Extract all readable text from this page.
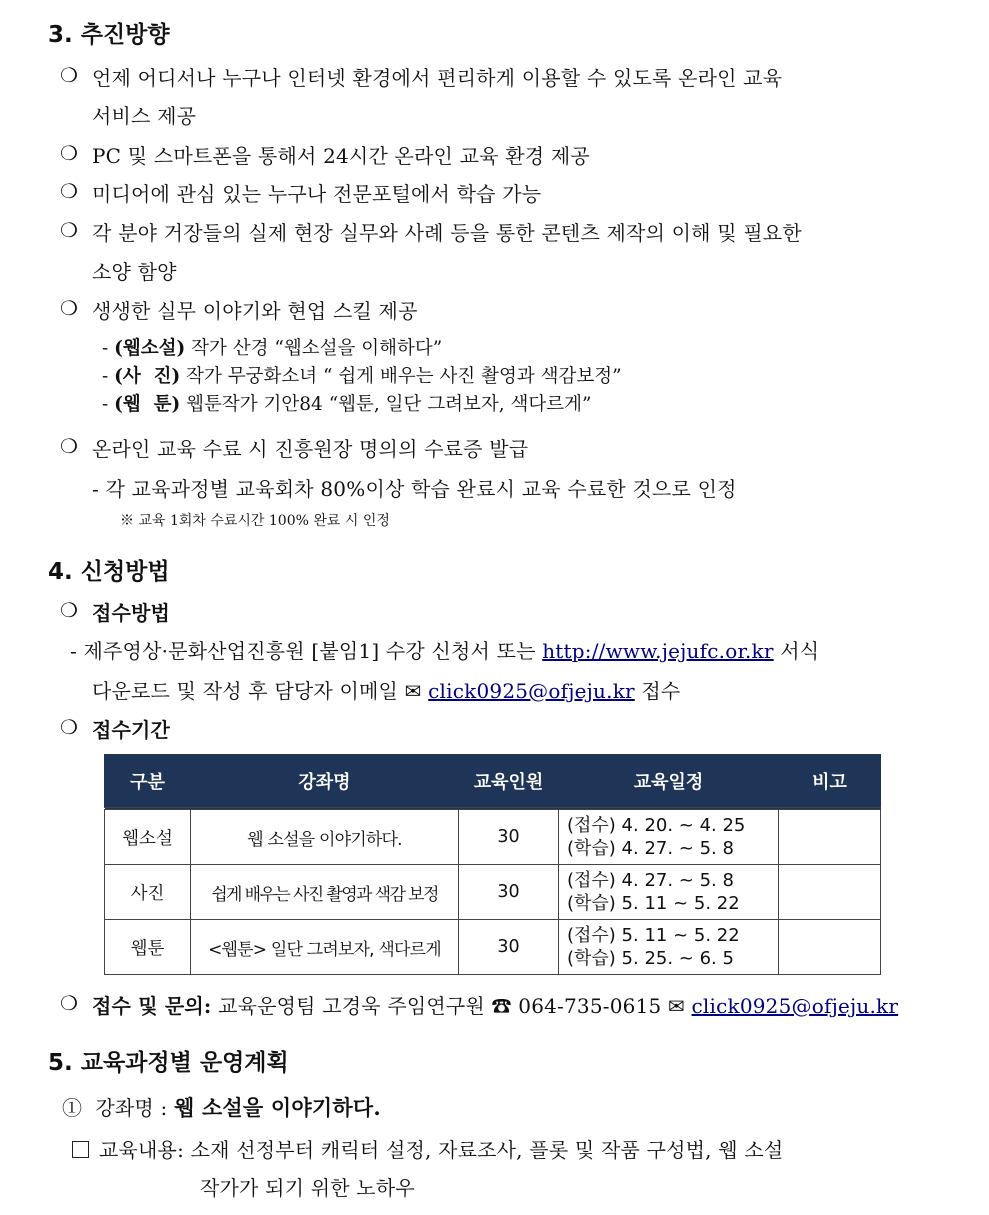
3. 추진방향
❍ 언제 어디서나 누구나 인터넷 환경에서 편리하게 이용할 수 있도록 온라인 교육
서비스 제공
❍ PC 및 스마트폰을 통해서 24시간 온라인 교육 환경 제공
❍ 미디어에 관심 있는 누구나 전문포털에서 학습 가능
❍ 각 분야 거장들의 실제 현장 실무와 사례 등을 통한 콘텐츠 제작의 이해 및 필요한
소양 함양
❍ 생생한 실무 이야기와 현업 스킬 제공
- (웹소설) 작가 산경 “웹소설을 이해하다”
- (사  진) 작가 무궁화소녀 “ 쉽게 배우는 사진 촬영과 색감보정”
- (웹  툰) 웹툰작가 기안84 “웹툰, 일단 그려보자, 색다르게”
❍ 온라인 교육 수료 시 진흥원장 명의의 수료증 발급
- 각 교육과정별 교육회차 80%이상 학습 완료시 교육 수료한 것으로 인정
※ 교육 1회차 수료시간 100% 완료 시 인정
4. 신청방법
❍ 접수방법
- 제주영상·문화산업진흥원 [붙임1] 수강 신청서 또는 http://www.jejufc.or.kr 서식
다운로드 및 작성 후 담당자 이메일 ✉ click0925@ofjeju.kr 접수
❍ 접수기간
구분	강좌명	교육인원	교육일정	비고
웹소설	웹 소설을 이야기하다.	30	(접수) 4. 20. ~ 4. 25
(학습) 4. 27. ~ 5. 8	

사진	쉽게 배우는 사진 촬영과 색감 보정	30	(접수) 4. 27. ~ 5. 8
(학습) 5. 11 ~ 5. 22	

웹툰	<웹툰> 일단 그려보자, 색다르게	30	(접수) 5. 11 ~ 5. 22
(학습) 5. 25. ~ 6. 5	

❍ 접수 및 문의: 교육운영팀 고경욱 주임연구원 ☎ 064-735-0615 ✉ click0925@ofjeju.kr
5. 교육과정별 운영계획
① 강좌명 : 웹 소설을 이야기하다.
교육내용: 소재 선정부터 캐릭터 설정, 자료조사, 플롯 및 작품 구성법, 웹 소설
작가가 되기 위한 노하우
